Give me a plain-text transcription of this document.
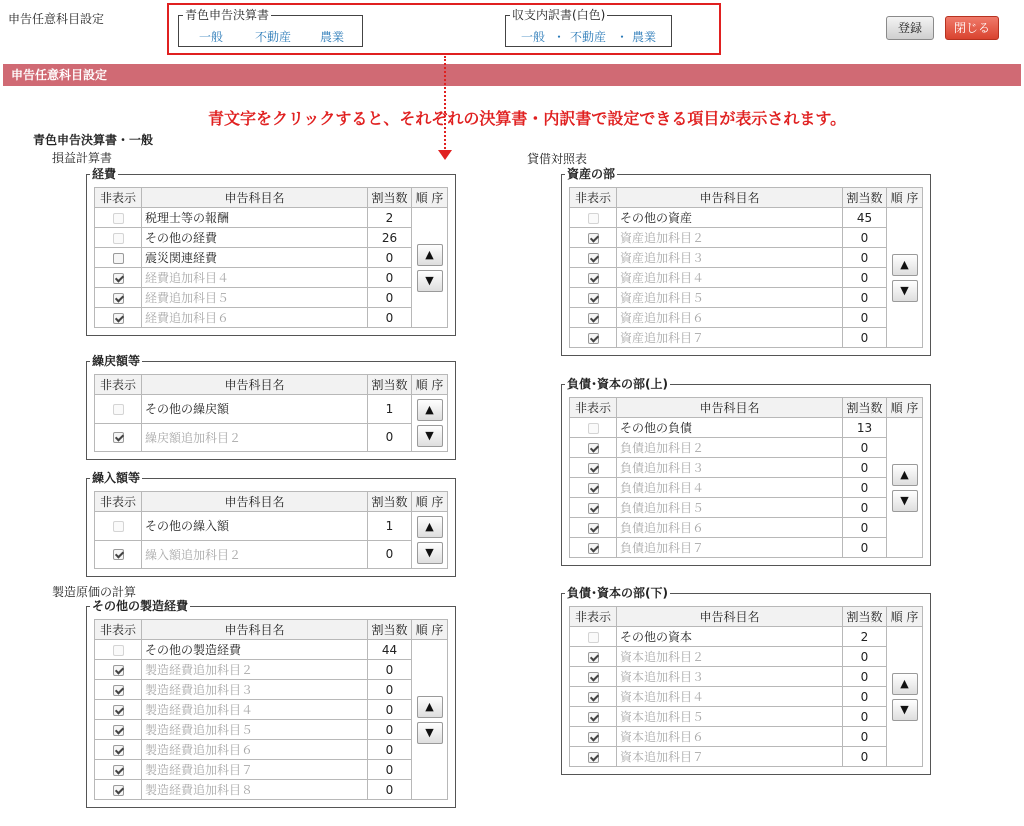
申告任意科目設定	青色申告決算書
一般	不動産 農業
収支内訳書(白色)
一般 ・ 不動産 ・ 農業
登録	閉じる
申告任意科目設定
青文字をクリックすると、それぞれの決算書・内訳書で設定できる項目が表示されます。
青色申告決算書・一般
損益計算書	貸借対照表
製造原価の計算
経費
非表示	申告科目名	割当数	順 序
	税理士等の報酬	2	▲
▼

	その他の経費	26	
	震災関連経費	0	
	経費追加科目４	0	
	経費追加科目５	0	
	経費追加科目６	0	
繰戻額等
非表示	申告科目名	割当数	順 序
	その他の繰戻額	1	▲
▼

	繰戻額追加科目２	0	
繰入額等
非表示	申告科目名	割当数	順 序
	その他の繰入額	1	▲
▼

	繰入額追加科目２	0	
その他の製造経費
非表示	申告科目名	割当数	順 序
	その他の製造経費	44	▲
▼

	製造経費追加科目２	0	
	製造経費追加科目３	0	
	製造経費追加科目４	0	
	製造経費追加科目５	0	
	製造経費追加科目６	0	
	製造経費追加科目７	0	
	製造経費追加科目８	0	
資産の部
非表示	申告科目名	割当数	順 序
	その他の資産	45	▲
▼

	資産追加科目２	0	
	資産追加科目３	0	
	資産追加科目４	0	
	資産追加科目５	0	
	資産追加科目６	0	
	資産追加科目７	0	
負債･資本の部(上)
非表示	申告科目名	割当数	順 序
	その他の負債	13	▲
▼

	負債追加科目２	0	
	負債追加科目３	0	
	負債追加科目４	0	
	負債追加科目５	0	
	負債追加科目６	0	
	負債追加科目７	0	
負債･資本の部(下)
非表示	申告科目名	割当数	順 序
	その他の資本	2	▲
▼

	資本追加科目２	0	
	資本追加科目３	0	
	資本追加科目４	0	
	資本追加科目５	0	
	資本追加科目６	0	
	資本追加科目７	0	
